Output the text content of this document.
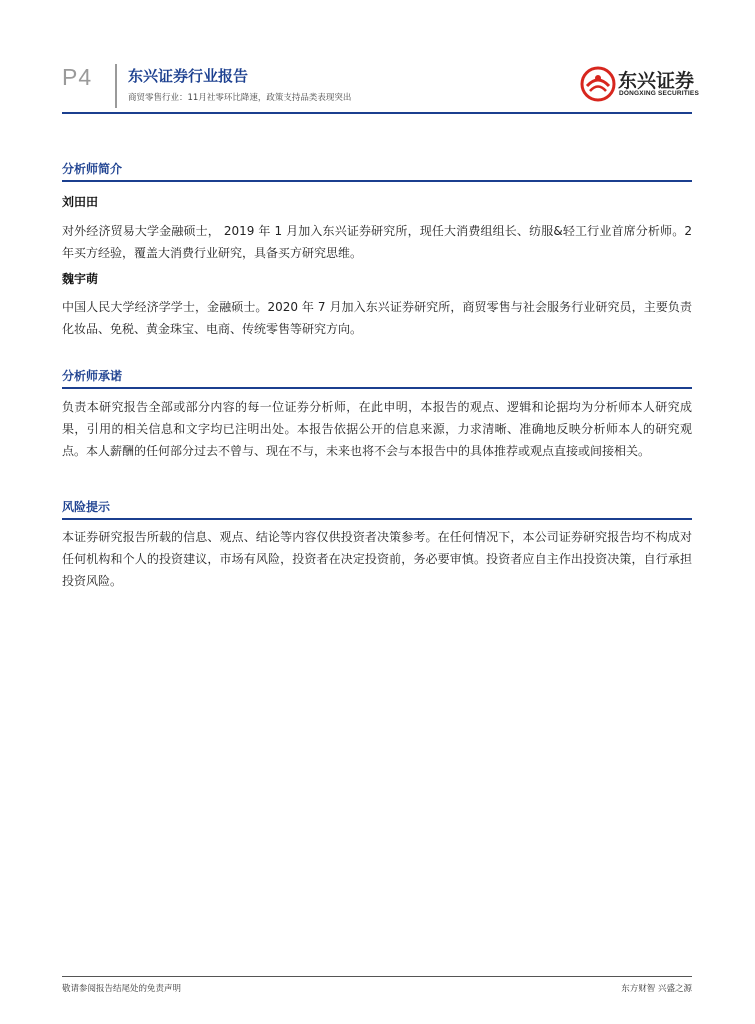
P4 东兴证券行业报告
商贸零售行业：11月社零环比降速，政策支持品类表现突出
东兴证券
DONGXING SECURITIES
分析师简介
刘田田
对外经济贸易大学金融硕士， 2019 年 1 月加入东兴证券研究所，现任大消费组组长、纺服&轻工行业首席分析师。2 年买方经验，覆盖大消费行业研究，具备买方研究思维。
魏宇萌
中国人民大学经济学学士，金融硕士。2020 年 7 月加入东兴证券研究所，商贸零售与社会服务行业研究员，主要负责化妆品、免税、黄金珠宝、电商、传统零售等研究方向。
分析师承诺
负责本研究报告全部或部分内容的每一位证券分析师，在此申明，本报告的观点、逻辑和论据均为分析师本人研究成果，引用的相关信息和文字均已注明出处。本报告依据公开的信息来源，力求清晰、准确地反映分析师本人的研究观点。本人薪酬的任何部分过去不曾与、现在不与，未来也将不会与本报告中的具体推荐或观点直接或间接相关。
风险提示
本证券研究报告所载的信息、观点、结论等内容仅供投资者决策参考。在任何情况下，本公司证券研究报告均不构成对任何机构和个人的投资建议，市场有风险，投资者在决定投资前，务必要审慎。投资者应自主作出投资决策，自行承担投资风险。
敬请参阅报告结尾处的免责声明	东方财智 兴盛之源
